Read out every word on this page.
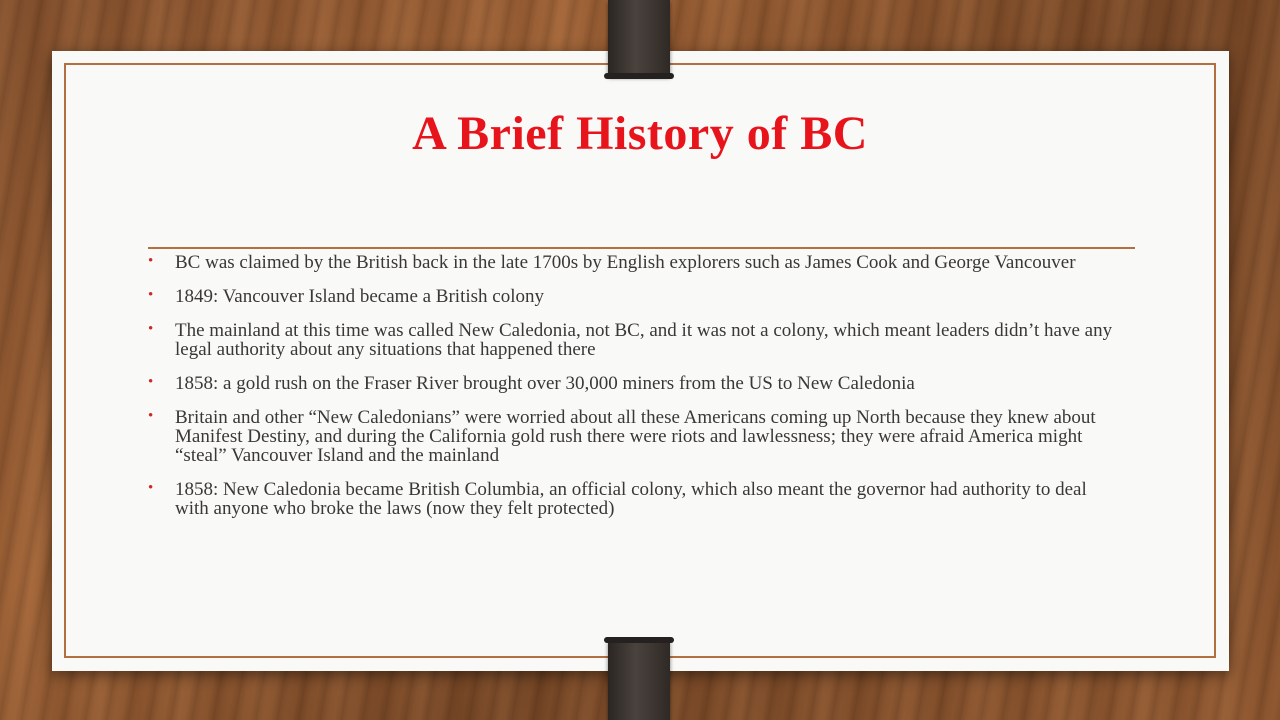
A Brief History of BC
• BC was claimed by the British back in the late 1700s by English explorers such as James Cook and George Vancouver
• 1849: Vancouver Island became a British colony
• The mainland at this time was called New Caledonia, not BC, and it was not a colony, which meant leaders didn’t have any legal authority about any situations that happened there
• 1858: a gold rush on the Fraser River brought over 30,000 miners from the US to New Caledonia
• Britain and other “New Caledonians” were worried about all these Americans coming up North because they knew about Manifest Destiny, and during the California gold rush there were riots and lawlessness; they were afraid America might “steal” Vancouver Island and the mainland
• 1858: New Caledonia became British Columbia, an official colony, which also meant the governor had authority to deal with anyone who broke the laws (now they felt protected)
